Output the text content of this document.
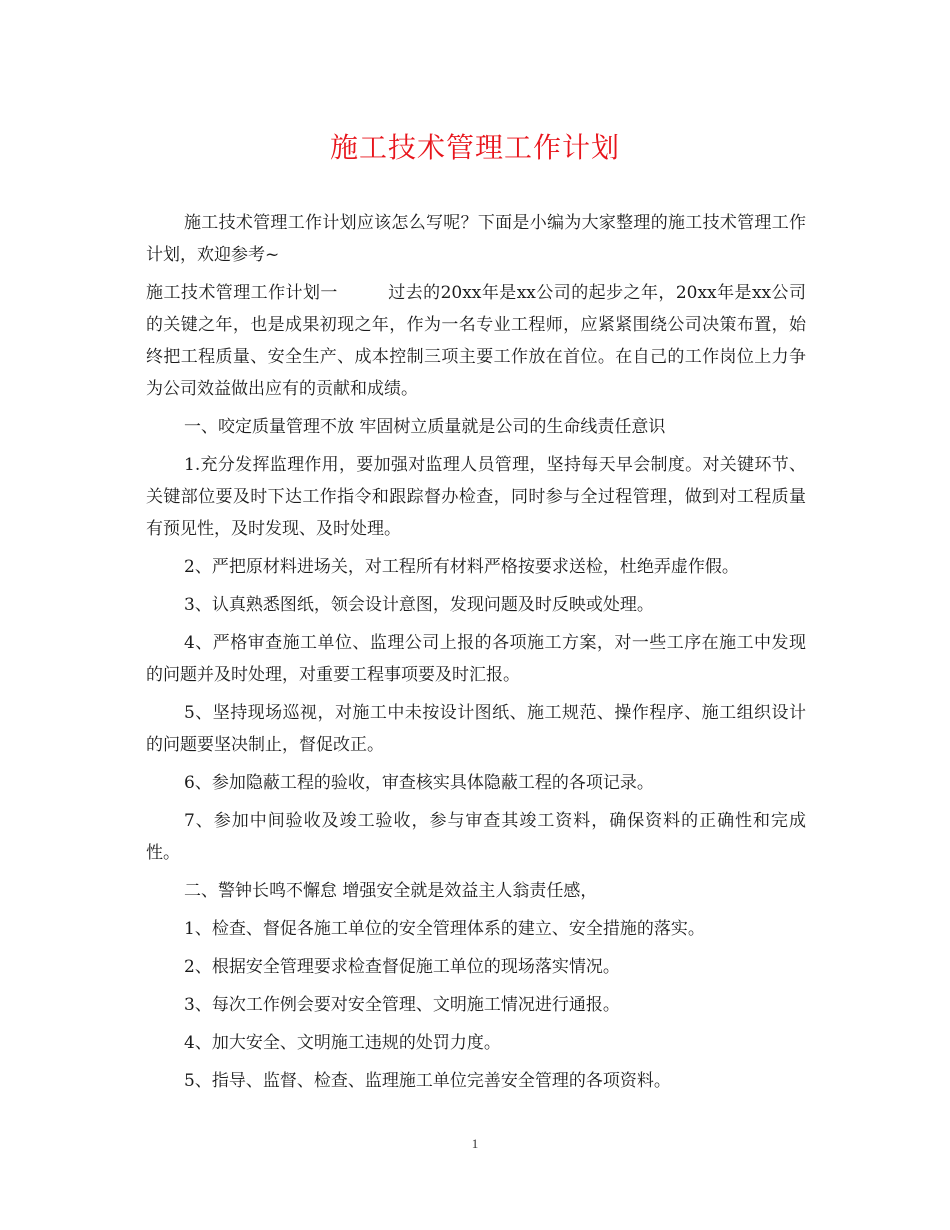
施工技术管理工作计划

施工技术管理工作计划应该怎么写呢？下面是小编为大家整理的施工技术管理工作计划，欢迎参考~

施工技术管理工作计划一	过去的20xx年是xx公司的起步之年，20xx年是xx公司的关键之年，也是成果初现之年，作为一名专业工程师，应紧紧围绕公司决策布置，始终把工程质量、安全生产、成本控制三项主要工作放在首位。在自己的工作岗位上力争为公司效益做出应有的贡献和成绩。

一、咬定质量管理不放 牢固树立质量就是公司的生命线责任意识

1.充分发挥监理作用，要加强对监理人员管理，坚持每天早会制度。对关键环节、关键部位要及时下达工作指令和跟踪督办检查，同时参与全过程管理，做到对工程质量有预见性，及时发现、及时处理。

2、严把原材料进场关，对工程所有材料严格按要求送检，杜绝弄虚作假。

3、认真熟悉图纸，领会设计意图，发现问题及时反映或处理。

4、严格审查施工单位、监理公司上报的各项施工方案，对一些工序在施工中发现的问题并及时处理，对重要工程事项要及时汇报。

5、坚持现场巡视，对施工中未按设计图纸、施工规范、操作程序、施工组织设计的问题要坚决制止，督促改正。

6、参加隐蔽工程的验收，审查核实具体隐蔽工程的各项记录。

7、参加中间验收及竣工验收，参与审查其竣工资料，确保资料的正确性和完成性。

二、警钟长鸣不懈怠 增强安全就是效益主人翁责任感，

1、检查、督促各施工单位的安全管理体系的建立、安全措施的落实。

2、根据安全管理要求检查督促施工单位的现场落实情况。

3、每次工作例会要对安全管理、文明施工情况进行通报。

4、加大安全、文明施工违规的处罚力度。

5、指导、监督、检查、监理施工单位完善安全管理的各项资料。

1
